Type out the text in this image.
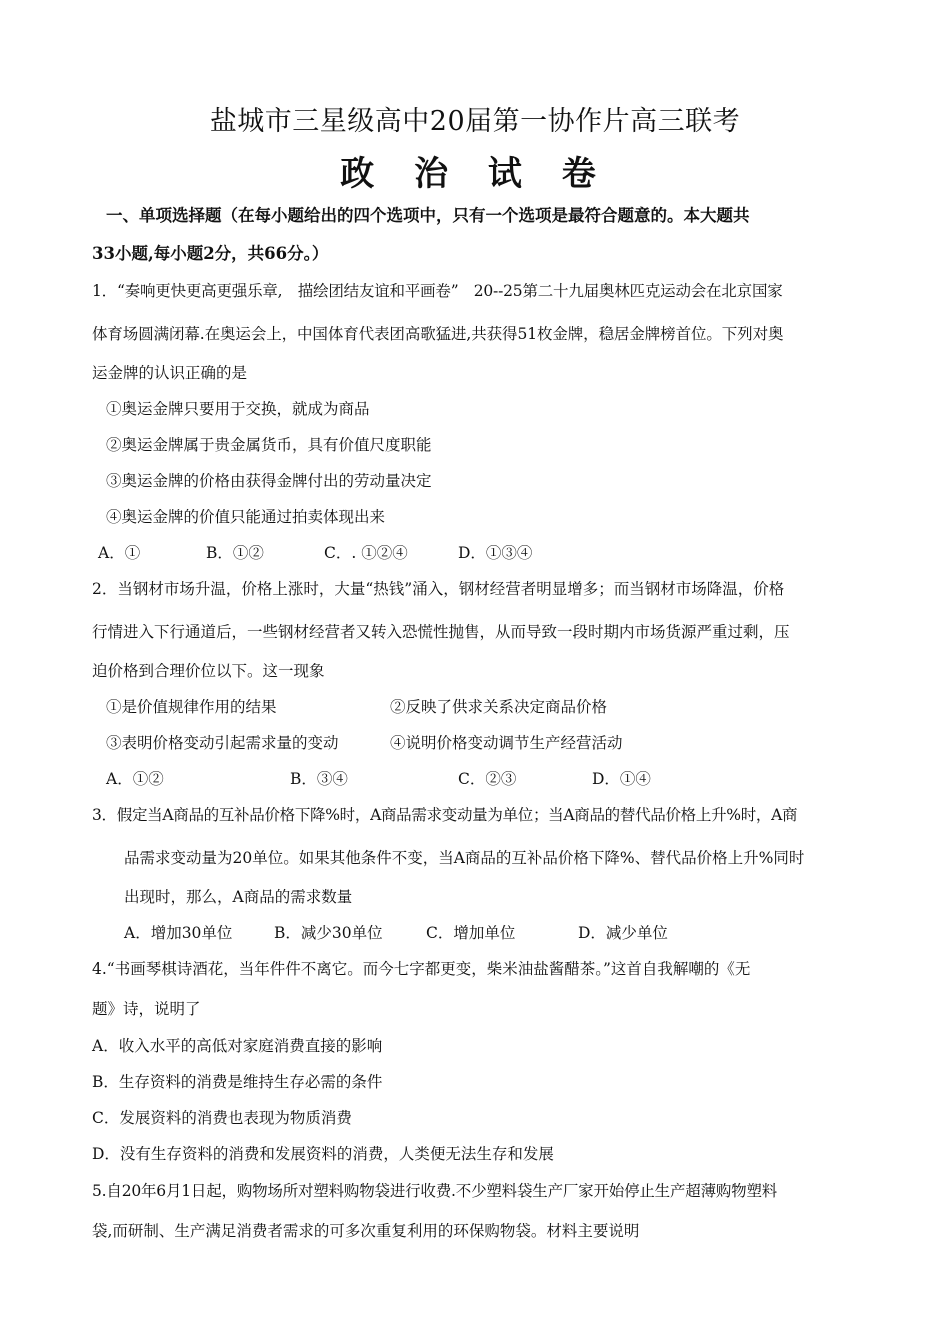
盐城市三星级高中20届第一协作片高三联考
政 治 试 卷
一、单项选择题（在每小题给出的四个选项中，只有一个选项是最符合题意的。本大题共
33小题,每小题2分，共66分。）
1．“奏响更快更高更强乐章,　描绘团结友谊和平画卷”　20--25第二十九届奥林匹克运动会在北京国家
体育场圆满闭幕.在奥运会上，中国体育代表团高歌猛进,共获得51枚金牌，稳居金牌榜首位。下列对奥
运金牌的认识正确的是
①奥运金牌只要用于交换，就成为商品
②奥运金牌属于贵金属货币，具有价值尺度职能
③奥运金牌的价格由获得金牌付出的劳动量决定
④奥运金牌的价值只能通过拍卖体现出来
A．①	B．①②	C．. ①②④	D．①③④
2．当钢材市场升温，价格上涨时，大量“热钱”涌入，钢材经营者明显增多；而当钢材市场降温，价格
行情进入下行通道后，一些钢材经营者又转入恐慌性抛售，从而导致一段时期内市场货源严重过剩，压
迫价格到合理价位以下。这一现象
①是价值规律作用的结果	②反映了供求关系决定商品价格
③表明价格变动引起需求量的变动	④说明价格变动调节生产经营活动
A．①②	B．③④	C．②③	D．①④
3．假定当A商品的互补品价格下降%时，A商品需求变动量为单位；当A商品的替代品价格上升%时，A商
品需求变动量为20单位。如果其他条件不变，当A商品的互补品价格下降%、替代品价格上升%同时
出现时，那么，A商品的需求数量
A．增加30单位	B．减少30单位	C．增加单位	D．减少单位
4.“书画琴棋诗酒花，当年件件不离它。而今七字都更变，柴米油盐酱醋茶。”这首自我解嘲的《无
题》诗，说明了
A．收入水平的高低对家庭消费直接的影响
B．生存资料的消费是维持生存必需的条件
C．发展资料的消费也表现为物质消费
D．没有生存资料的消费和发展资料的消费，人类便无法生存和发展
5.自20年6月1日起，购物场所对塑料购物袋进行收费.不少塑料袋生产厂家开始停止生产超薄购物塑料
袋,而研制、生产满足消费者需求的可多次重复利用的环保购物袋。材料主要说明
